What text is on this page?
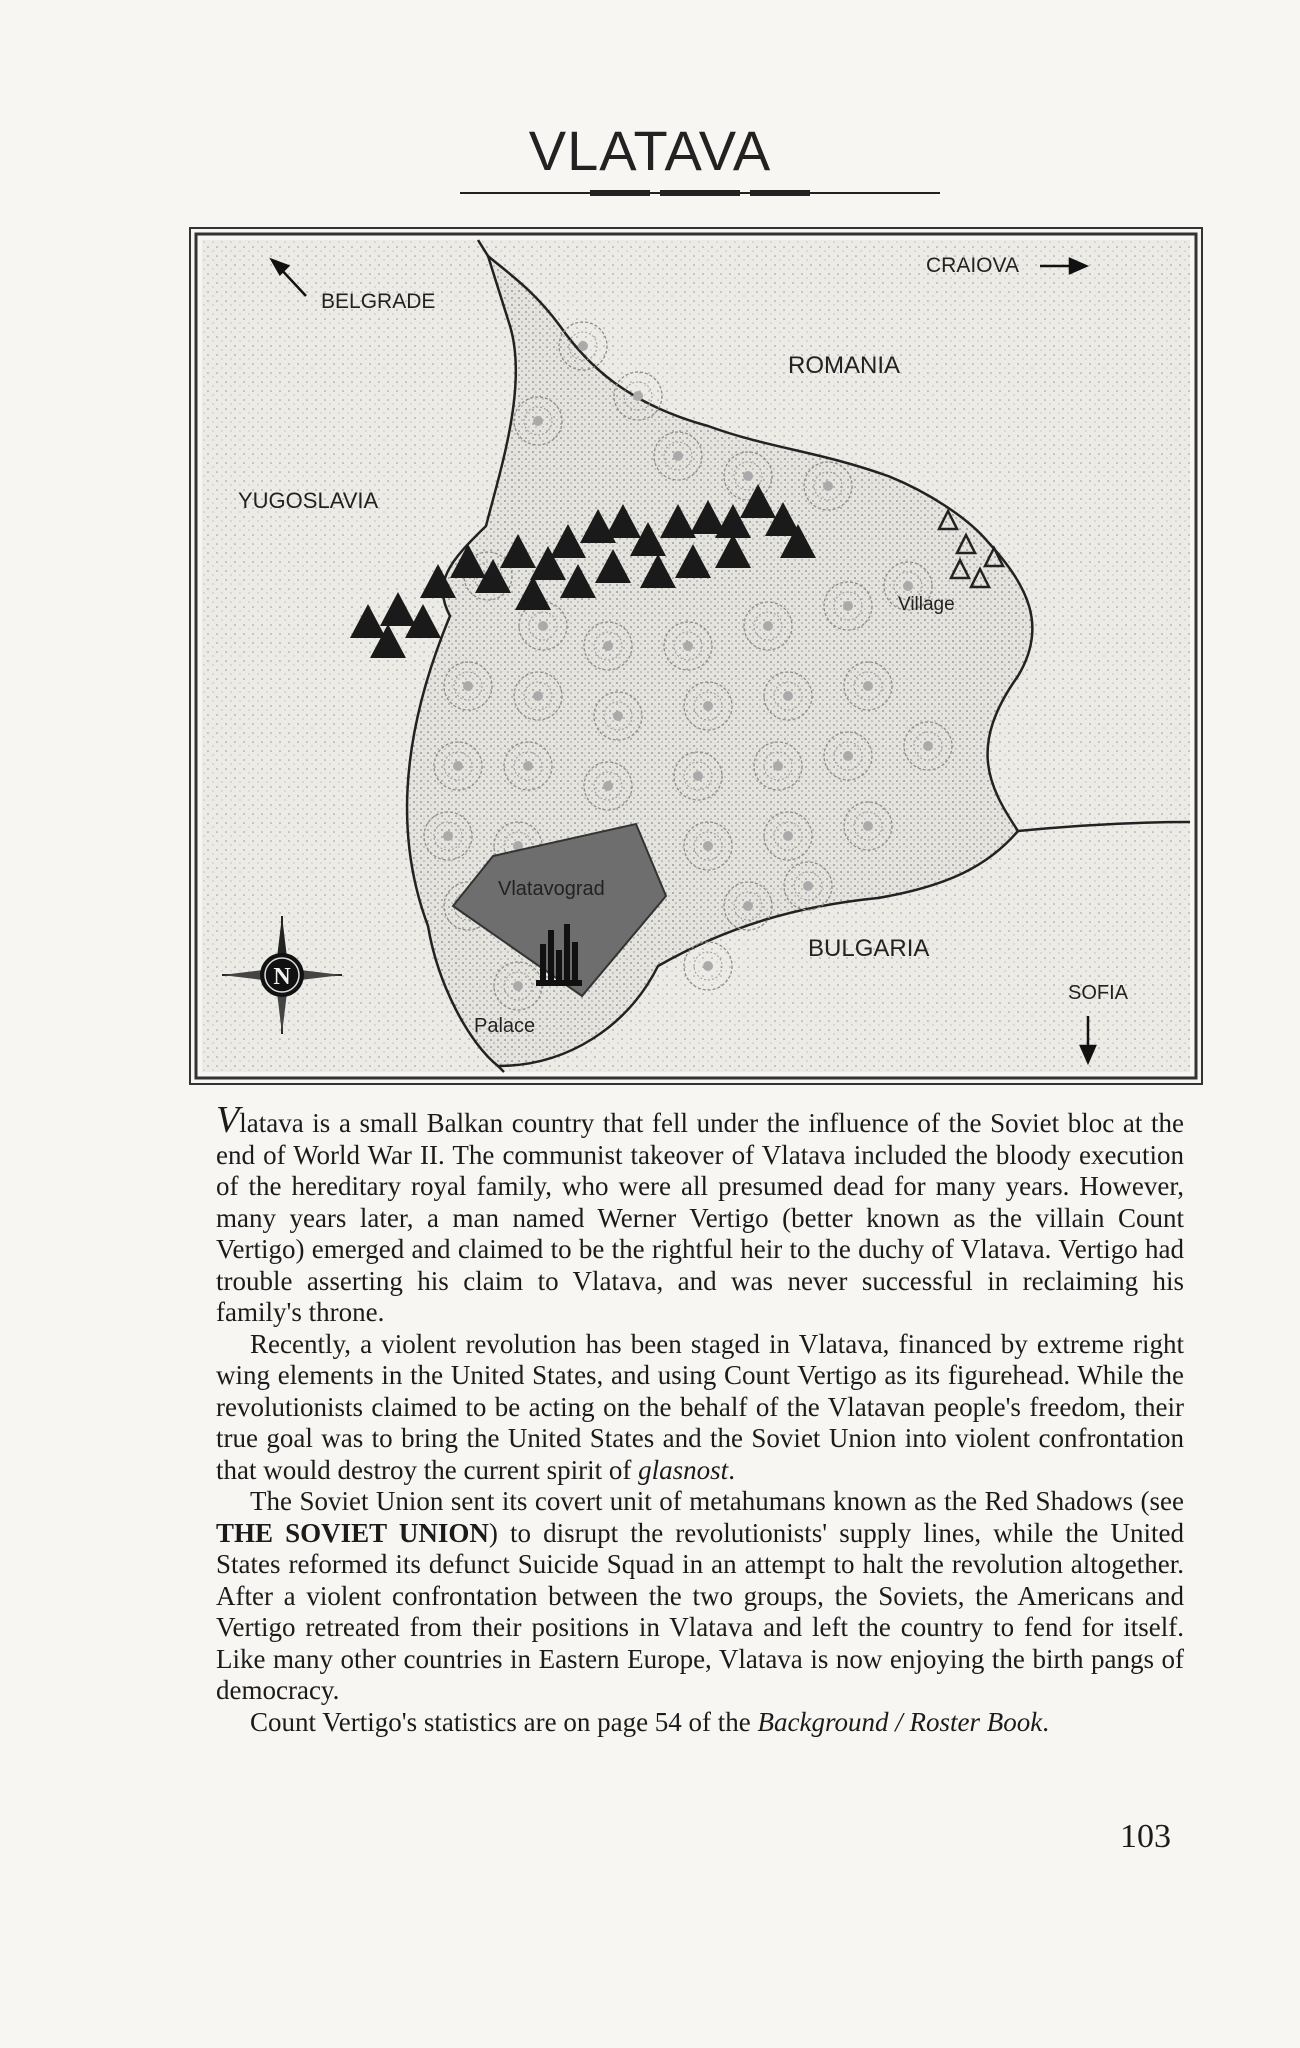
VLATAVA
BELGRADE
CRAIOVA
ROMANIA
YUGOSLAVIA
Village
Vlatavograd
BULGARIA
SOFIA
Palace
N

Vlatava is a small Balkan country that fell under the influence of the Soviet bloc at the end of World War II. The communist takeover of Vlatava included the bloody execution of the hereditary royal family, who were all presumed dead for many years. However, many years later, a man named Werner Vertigo (better known as the villain Count Vertigo) emerged and claimed to be the rightful heir to the duchy of Vlatava. Vertigo had trouble asserting his claim to Vlatava, and was never successful in reclaiming his family's throne.

Recently, a violent revolution has been staged in Vlatava, financed by extreme right wing elements in the United States, and using Count Vertigo as its figurehead. While the revolutionists claimed to be acting on the behalf of the Vlatavan people's freedom, their true goal was to bring the United States and the Soviet Union into violent confrontation that would destroy the current spirit of glasnost.

The Soviet Union sent its covert unit of metahumans known as the Red Shadows (see THE SOVIET UNION) to disrupt the revolutionists' supply lines, while the United States reformed its defunct Suicide Squad in an attempt to halt the revolution altogether. After a violent confrontation between the two groups, the Soviets, the Americans and Vertigo retreated from their positions in Vlatava and left the country to fend for itself. Like many other countries in Eastern Europe, Vlatava is now enjoying the birth pangs of democracy.

Count Vertigo's statistics are on page 54 of the Background / Roster Book.

103
